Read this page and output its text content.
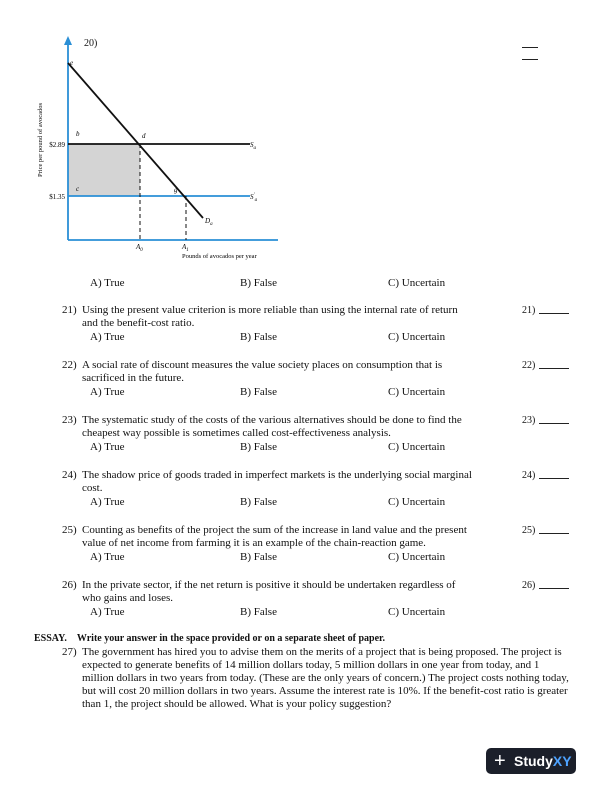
20)
Price per pound of avocados $2.89
$1.35
e
b	d
c	g
$S_a$
$S'_a$
$D_a$
$A_0$	$A_1$
Pounds of avocados per year
A) True	B) False	C) Uncertain
21) Using the present value criterion is more reliable than using the internal rate of return
and the benefit-cost ratio.
21)
A) True	B) False	C) Uncertain
22) A social rate of discount measures the value society places on consumption that is
sacrificed in the future.
22)
A) True	B) False	C) Uncertain
23) The systematic study of the costs of the various alternatives should be done to find the
cheapest way possible is sometimes called cost-effectiveness analysis.
23)
A) True	B) False	C) Uncertain
24) The shadow price of goods traded in imperfect markets is the underlying social marginal
cost.
24)
A) True	B) False	C) Uncertain
25) Counting as benefits of the project the sum of the increase in land value and the present
value of net income from farming it is an example of the chain-reaction game.
25)
A) True	B) False	C) Uncertain
26) In the private sector, if the net return is positive it should be undertaken regardless of
who gains and loses.
26)
A) True	B) False	C) Uncertain
ESSAY. Write your answer in the space provided or on a separate sheet of paper.
27) The government has hired you to advise them on the merits of a project that is being proposed. The project is expected to generate benefits of 14 million dollars today, 5 million dollars in one year from today, and 1 million dollars in two years from today. (These are the only years of concern.) The project costs nothing today, but will cost 20 million dollars in two years. Assume the interest rate is 10%. If the benefit-cost ratio is greater than 1, the project should be allowed. What is your policy suggestion?
+ StudyXY
